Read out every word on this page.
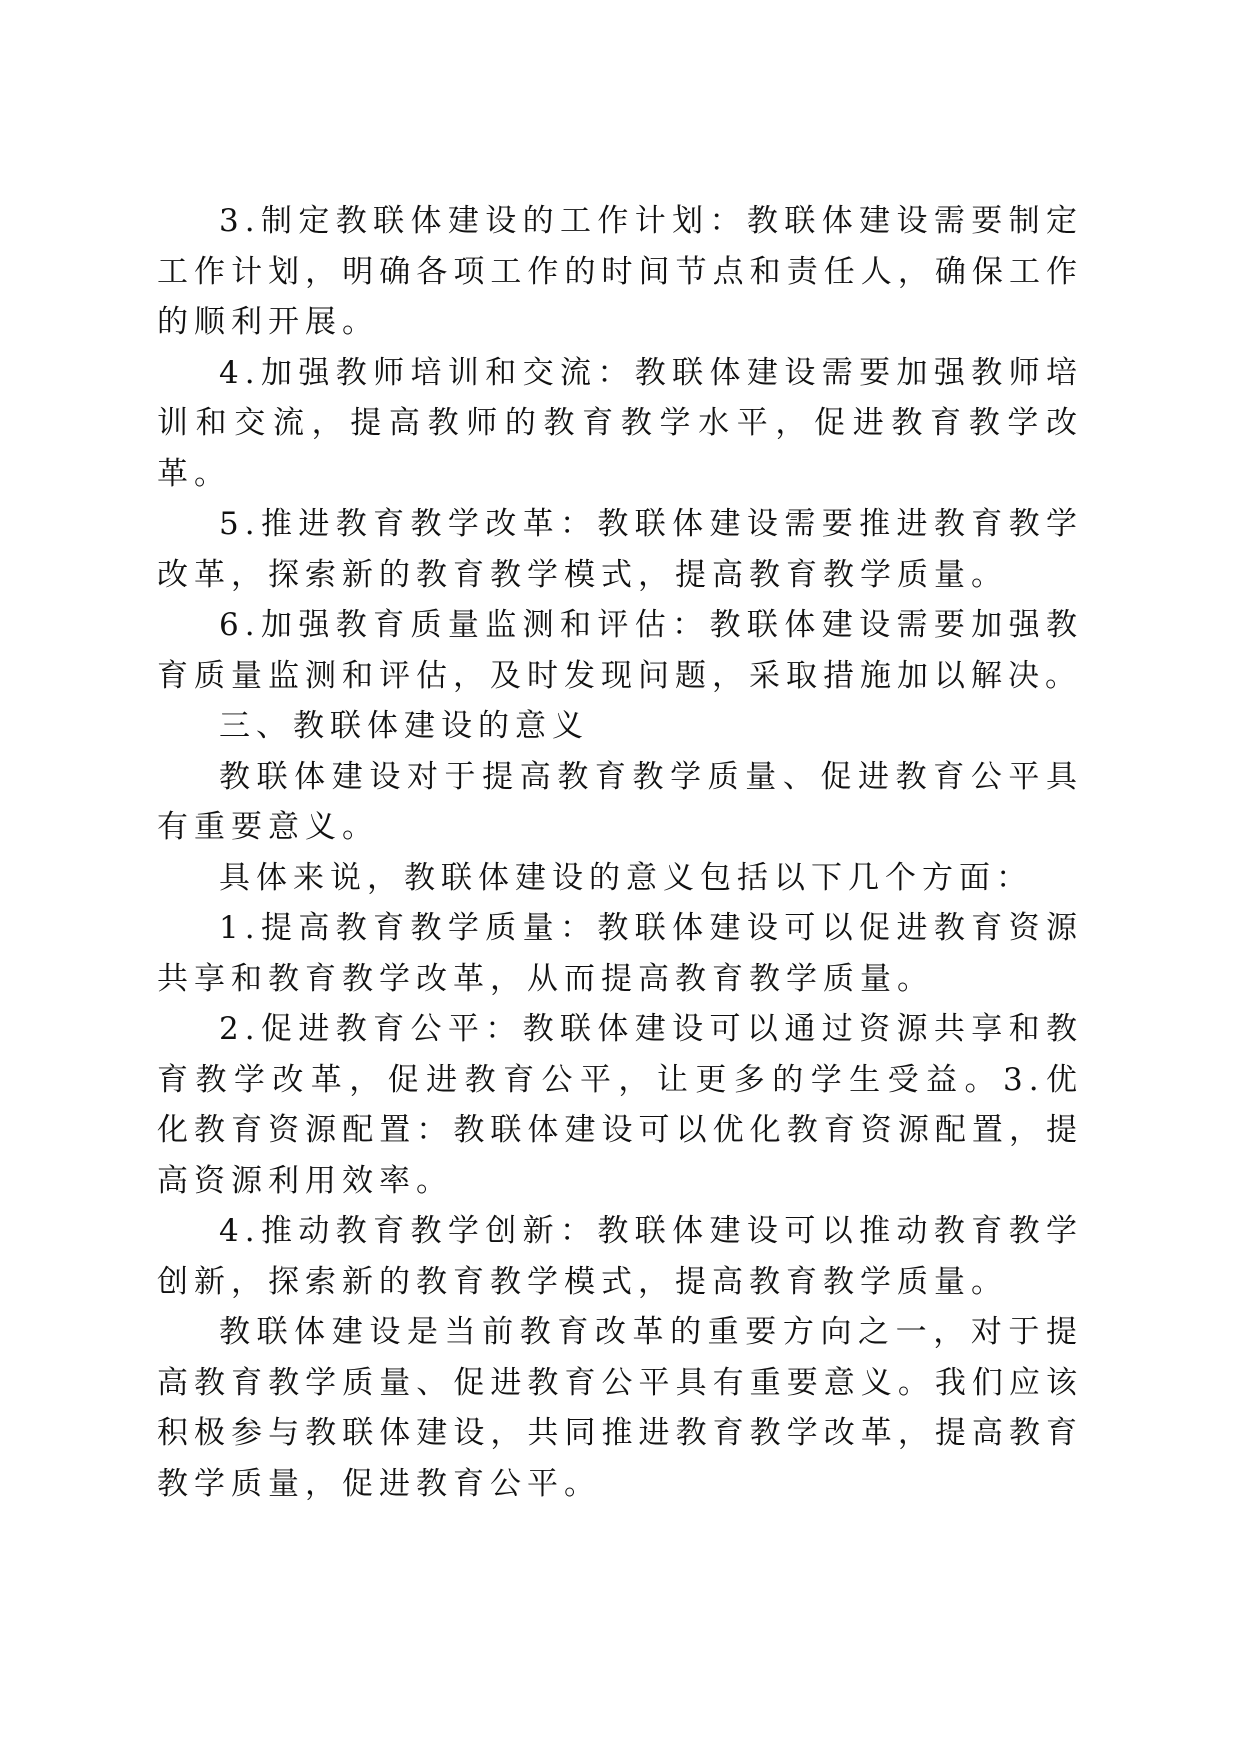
3.制定教联体建设的工作计划：教联体建设需要制定工作计划，明确各项工作的时间节点和责任人，确保工作的顺利开展。

4.加强教师培训和交流：教联体建设需要加强教师培训和交流，提高教师的教育教学水平，促进教育教学改革。

5.推进教育教学改革：教联体建设需要推进教育教学改革，探索新的教育教学模式，提高教育教学质量。

6.加强教育质量监测和评估：教联体建设需要加强教育质量监测和评估，及时发现问题，采取措施加以解决。

三、教联体建设的意义

教联体建设对于提高教育教学质量、促进教育公平具有重要意义。

具体来说，教联体建设的意义包括以下几个方面：

1.提高教育教学质量：教联体建设可以促进教育资源共享和教育教学改革，从而提高教育教学质量。

2.促进教育公平：教联体建设可以通过资源共享和教育教学改革，促进教育公平，让更多的学生受益。3.优化教育资源配置：教联体建设可以优化教育资源配置，提高资源利用效率。

4.推动教育教学创新：教联体建设可以推动教育教学创新，探索新的教育教学模式，提高教育教学质量。

教联体建设是当前教育改革的重要方向之一，对于提高教育教学质量、促进教育公平具有重要意义。我们应该积极参与教联体建设，共同推进教育教学改革，提高教育教学质量，促进教育公平。
